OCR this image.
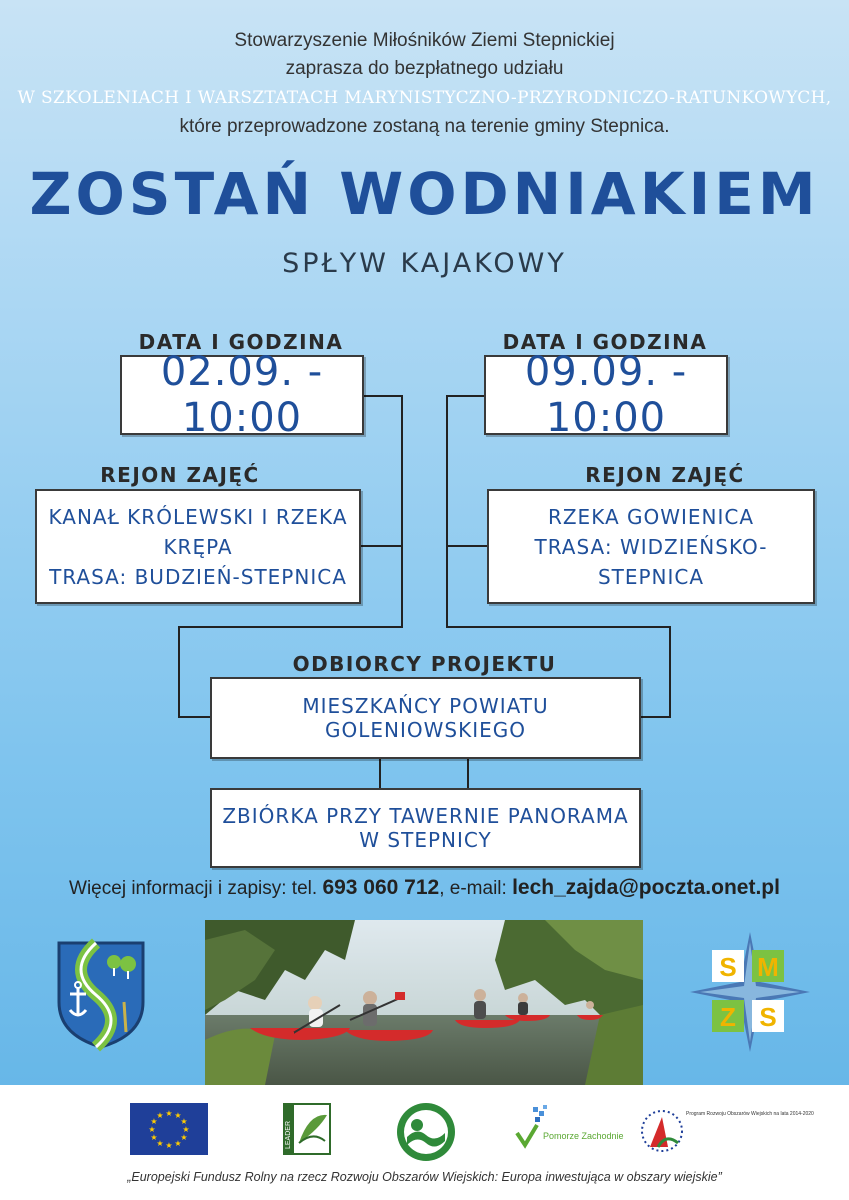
Stowarzyszenie Miłośników Ziemi Stepnickiej
zaprasza do bezpłatnego udziału
W SZKOLENIACH I WARSZTATACH MARYNISTYCZNO-PRZYRODNICZO-RATUNKOWYCH,
które przeprowadzone zostaną na terenie gminy Stepnica.
ZOSTAŃ WODNIAKIEM
SPŁYW KAJAKOWY
DATA I GODZINA
02.09. - 10:00
REJON ZAJĘĆ
KANAŁ KRÓLEWSKI I RZEKA KRĘPA
TRASA: BUDZIEŃ-STEPNICA
DATA I GODZINA
09.09. - 10:00
REJON ZAJĘĆ
RZEKA GOWIENICA
TRASA: WIDZIEŃSKO-STEPNICA
ODBIORCY PROJEKTU
MIESZKAŃCY POWIATU GOLENIOWSKIEGO
ZBIÓRKA PRZY TAWERNIE PANORAMA W STEPNICY
Więcej informacji i zapisy: tel. 693 060 712, e-mail: lech_zajda@poczta.onet.pl
S M
Z S
★ ★
★
★
★
★
★
★
★
★
★
★
LEADER	Pomorze Zachodnie
Program Rozwoju Obszarów Wiejskich na lata 2014-2020
„Europejski Fundusz Rolny na rzecz Rozwoju Obszarów Wiejskich: Europa inwestująca w obszary wiejskie”
